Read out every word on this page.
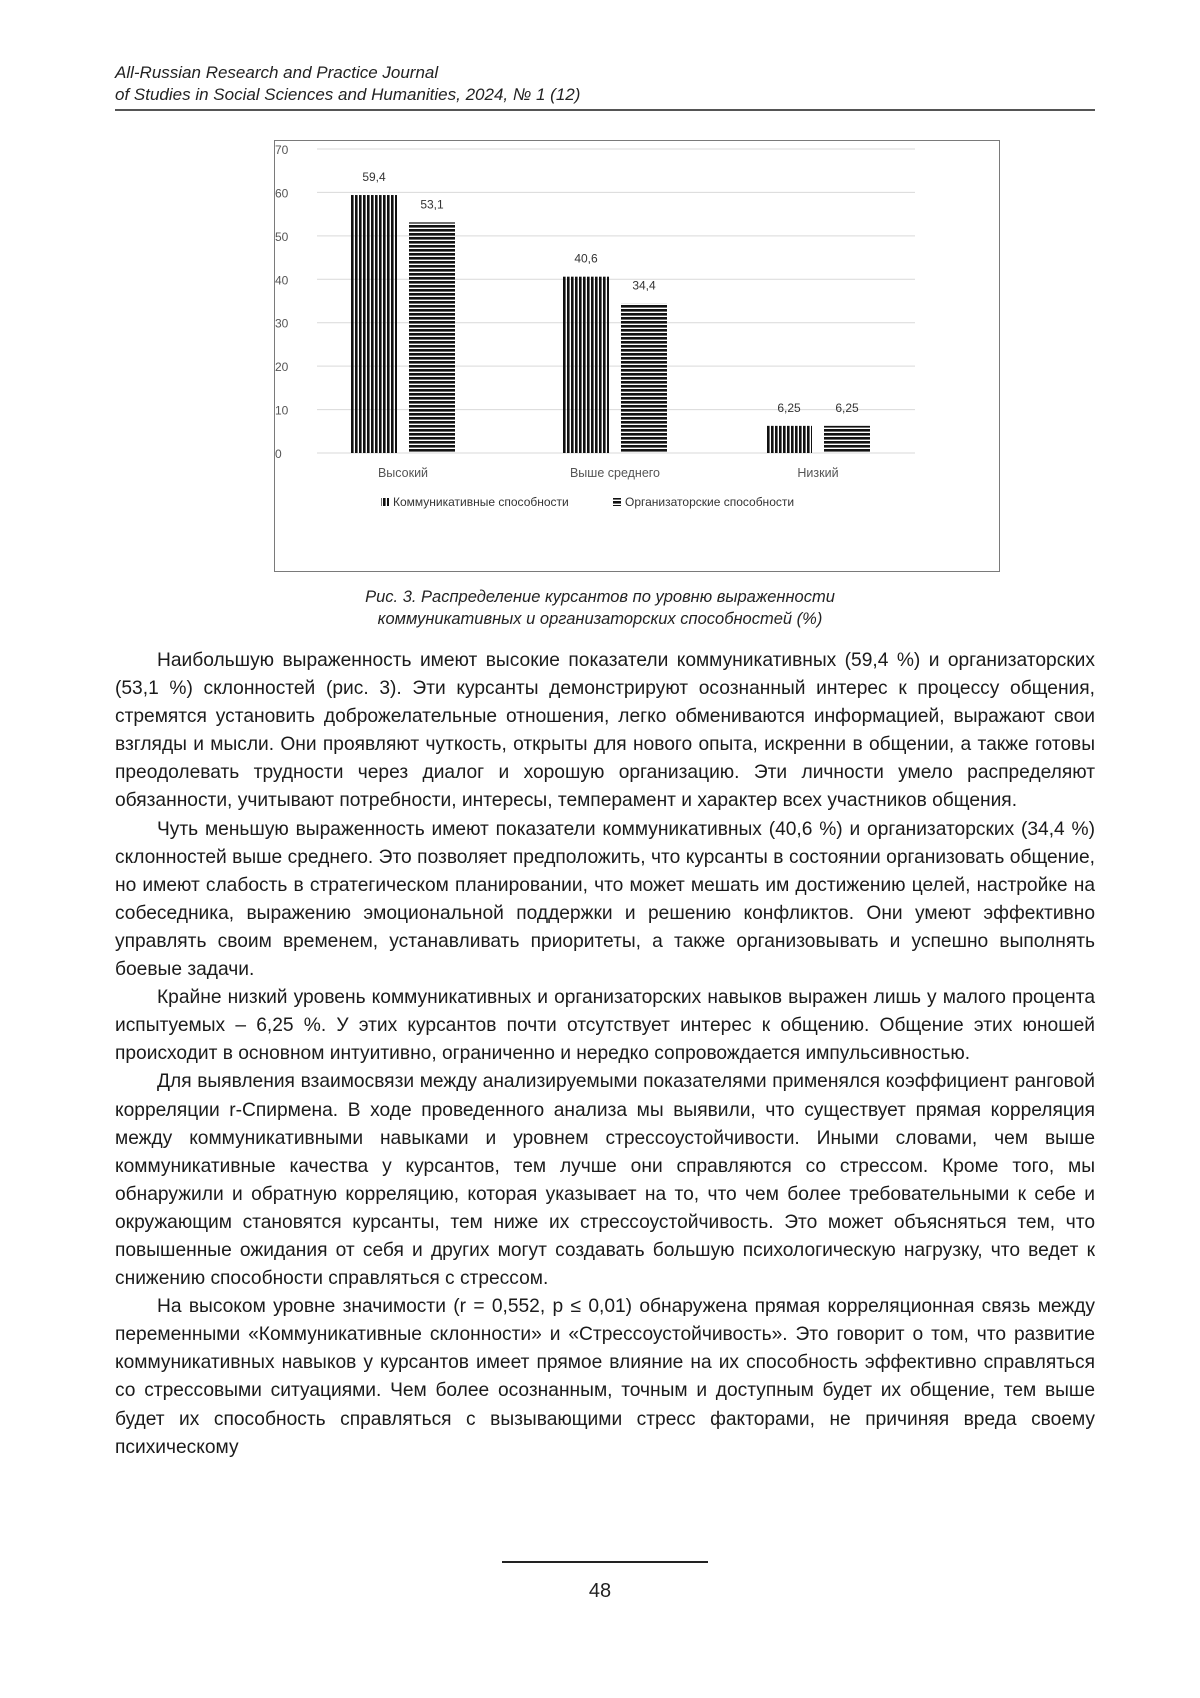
All-Russian Research and Practice Journal
of Studies in Social Sciences and Humanities, 2024, № 1 (12)
0
10
20
30
40
50
60
70
59,4
53,1
40,6
34,4
6,25	6,25
Высокий	Выше среднего	Низкий
Коммуникативные способности	Организаторские способности
Рис. 3. Распределение курсантов по уровню выраженности
коммуникативных и организаторских способностей (%)

Наибольшую выраженность имеют высокие показатели коммуникативных (59,4 %) и организаторских (53,1 %) склонностей (рис. 3). Эти курсанты демонстрируют осознанный интерес к процессу общения, стремятся установить доброжелательные отношения, легко обмениваются информацией, выражают свои взгляды и мысли. Они проявляют чуткость, открыты для нового опыта, искренни в общении, а также готовы преодолевать трудности через диалог и хорошую организацию. Эти личности умело распределяют обязанности, учитывают потребности, интересы, темперамент и характер всех участников общения.

Чуть меньшую выраженность имеют показатели коммуникативных (40,6 %) и организаторских (34,4 %) склонностей выше среднего. Это позволяет предположить, что курсанты в состоянии организовать общение, но имеют слабость в стратегическом планировании, что может мешать им достижению целей, настройке на собеседника, выражению эмоциональной поддержки и решению конфликтов. Они умеют эффективно управлять своим временем, устанавливать приоритеты, а также организовывать и успешно выполнять боевые задачи.

Крайне низкий уровень коммуникативных и организаторских навыков выражен лишь у малого процента испытуемых – 6,25 %. У этих курсантов почти отсутствует интерес к общению. Общение этих юношей происходит в основном интуитивно, ограниченно и нередко сопровождается импульсивностью.

Для выявления взаимосвязи между анализируемыми показателями применялся коэффициент ранговой корреляции r-Спирмена. В ходе проведенного анализа мы выявили, что существует прямая корреляция между коммуникативными навыками и уровнем стрессоустойчивости. Иными словами, чем выше коммуникативные качества у курсантов, тем лучше они справляются со стрессом. Кроме того, мы обнаружили и обратную корреляцию, которая указывает на то, что чем более требовательными к себе и окружающим становятся курсанты, тем ниже их стрессоустойчивость. Это может объясняться тем, что повышенные ожидания от себя и других могут создавать большую психологическую нагрузку, что ведет к снижению способности справляться с стрессом.

На высоком уровне значимости (r = 0,552, p ≤ 0,01) обнаружена прямая корреляционная связь между переменными «Коммуникативные склонности» и «Стрессоустойчивость». Это говорит о том, что развитие коммуникативных навыков у курсантов имеет прямое влияние на их способность эффективно справляться со стрессовыми ситуациями. Чем более осознанным, точным и доступным будет их общение, тем выше будет их способность справляться с вызывающими стресс факторами, не причиняя вреда своему психическому

48
